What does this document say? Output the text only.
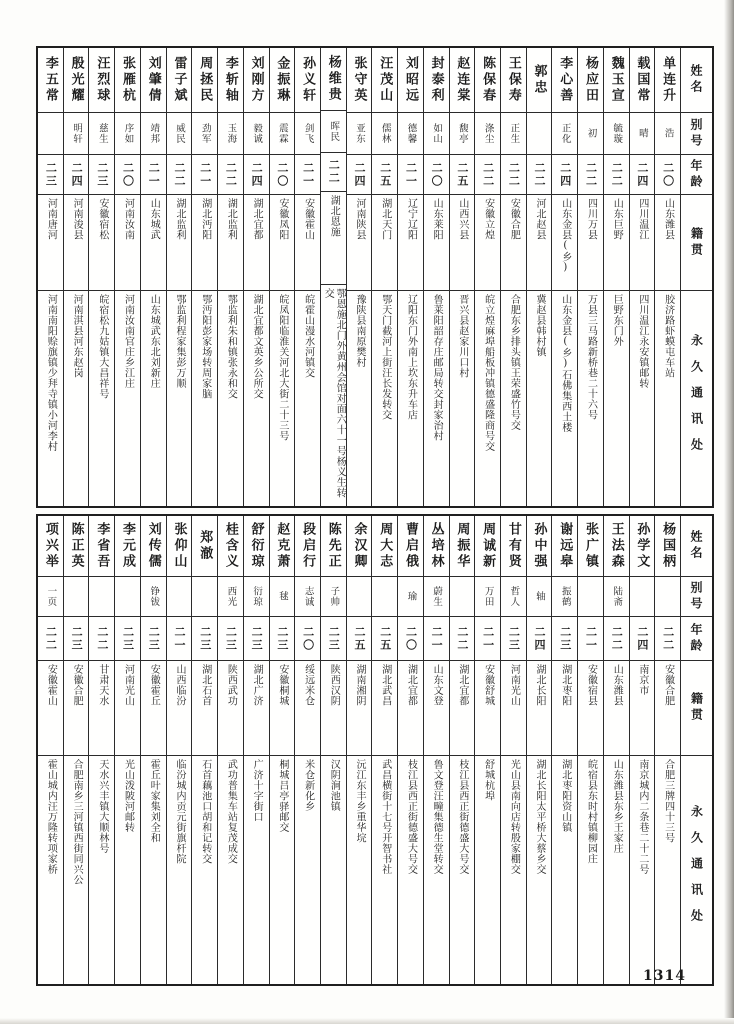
姓名
别号
年龄
籍贯
永久通讯处
单连升
浩
二〇
山东潍县
胶济路虾蟆屯车站
载国常
晴
二四
四川温江
四川温江永安镇邮转
魏玉宣
毓璇
二二
山东巨野
巨野东门外
杨应田
初
二二
四川万县
万县三马路新桥巷二十六号
李心善
正化
二四
山东金县(乡)
山东金县(乡)石佛集西土楼
郭忠
二二
河北赵县
冀赵县韩村镇
王保寿
正生
二二
安徽合肥
合肥东乡排头镇王荣盛竹号交
陈保春
涤尘
二二
安徽立煌
皖立煌麻埠船板冲镇德盛隆商号交
赵连棠
馥亭
二五
山西兴县
晋兴县赵家川口村
封泰利
如山
二〇
山东莱阳
鲁莱阳韶存庄邮局转交封家治村
刘昭远
德馨
二一
辽宁辽阳
辽阳东门外南上坎东升车店
汪茂山
儒林
二五
湖北天门
鄂天门截河上街汪长发转交
张守英
亚东
二四
河南陕县
豫陕县南原樊村
杨维贵
晖民
二二
湖北恩施
鄂恩施北门外黄州会馆对面六十一号杨义生转交
孙义轩
剑飞
二一
安徽霍山
皖霍山漫水河镇交
金振琳
震霖
二〇
安徽凤阳
皖凤阳临淮关河北大街二十三号
刘刚方
毅诚
二四
湖北宜都
湖北宜都文英乡公所交
李斩轴
玉海
二二
湖北监利
鄂监利朱和镇张永和交
周拯民
劲军
二一
湖北沔阳
鄂沔阳彭家场转周家脑
雷子斌
威民
二二
湖北监利
鄂监利程家集彭万顺
刘肇倩
靖邦
二一
山东城武
山东城武东北刘新庄
张雁杭
序如
二〇
河南汝南
河南汝南官庄乡江庄
汪烈球
慈生
二三
安徽宿松
皖宿松九姑镇大昌祥号
殷光耀
明轩
二四
河南浚县
河南淇县河东赵岗
李五常
二三
河南唐河
河南南阳赊旗镇少拜寺镇小河李村
姓名
别号
年龄
籍贯
永久通讯处
杨国柄
二二
安徽合肥
合肥三牌四十三号
孙学文
二四
南京市
南京城内二条巷二十二号
王法森
陆斋
二二
山东潍县
山东潍县东乡王家庄
张广镇
二一
安徽宿县
皖宿县东时村镇柳园庄
谢远皋
振鹤
二三
湖北枣阳
湖北枣阳资山镇
孙中强
轴
二四
湖北长阳
湖北长阳太平桥大蔡乡交
甘有贤
哲人
二三
河南光山
光山县南向店转殷家棚交
周诚新
万田
二一
安徽舒城
舒城杭埠
周振华
二二
湖北宜都
枝江县西正街德盛大号交
丛培林
蔚生
二一
山东文登
鲁文登汪疃集德生堂转交
曹启俄
瑜
二〇
湖北宜都
枝江县西正街德盛大号交
周大志
二五
湖北武昌
武昌横街十七号开智书社
余汉卿
二五
湖南湘阴
沅江东丰乡重华垸
陈先正
子帅
二三
陕西汉阴
汉阴涧池镇
段启行
志诚
二〇
绥远米仓
米仓新化乡
赵克萧
毬
二三
安徽桐城
桐城吕亭驿邮交
舒衍琼
衍琼
二三
湖北广济
广济十字街口
桂含义
西光
二三
陕西武功
武功普集车站复茂成交
郑澈
二三
湖北石首
石首藕池口胡和记转交
张仰山
二一
山西临汾
临汾城内贡元街旗杆院
刘传儒
铮钹
二三
安徽霍丘
霍丘叶家集刘全和
李元成
二三
河南光山
光山泼陂河邮转
李省吾
二二
甘肃天水
天水兴丰镇大顺林号
陈正英
二三
安徽合肥
合肥南乡三河镇西街同兴公
项兴举
一页
二二
安徽霍山
霍山城内汪万隆转项家桥
1314
